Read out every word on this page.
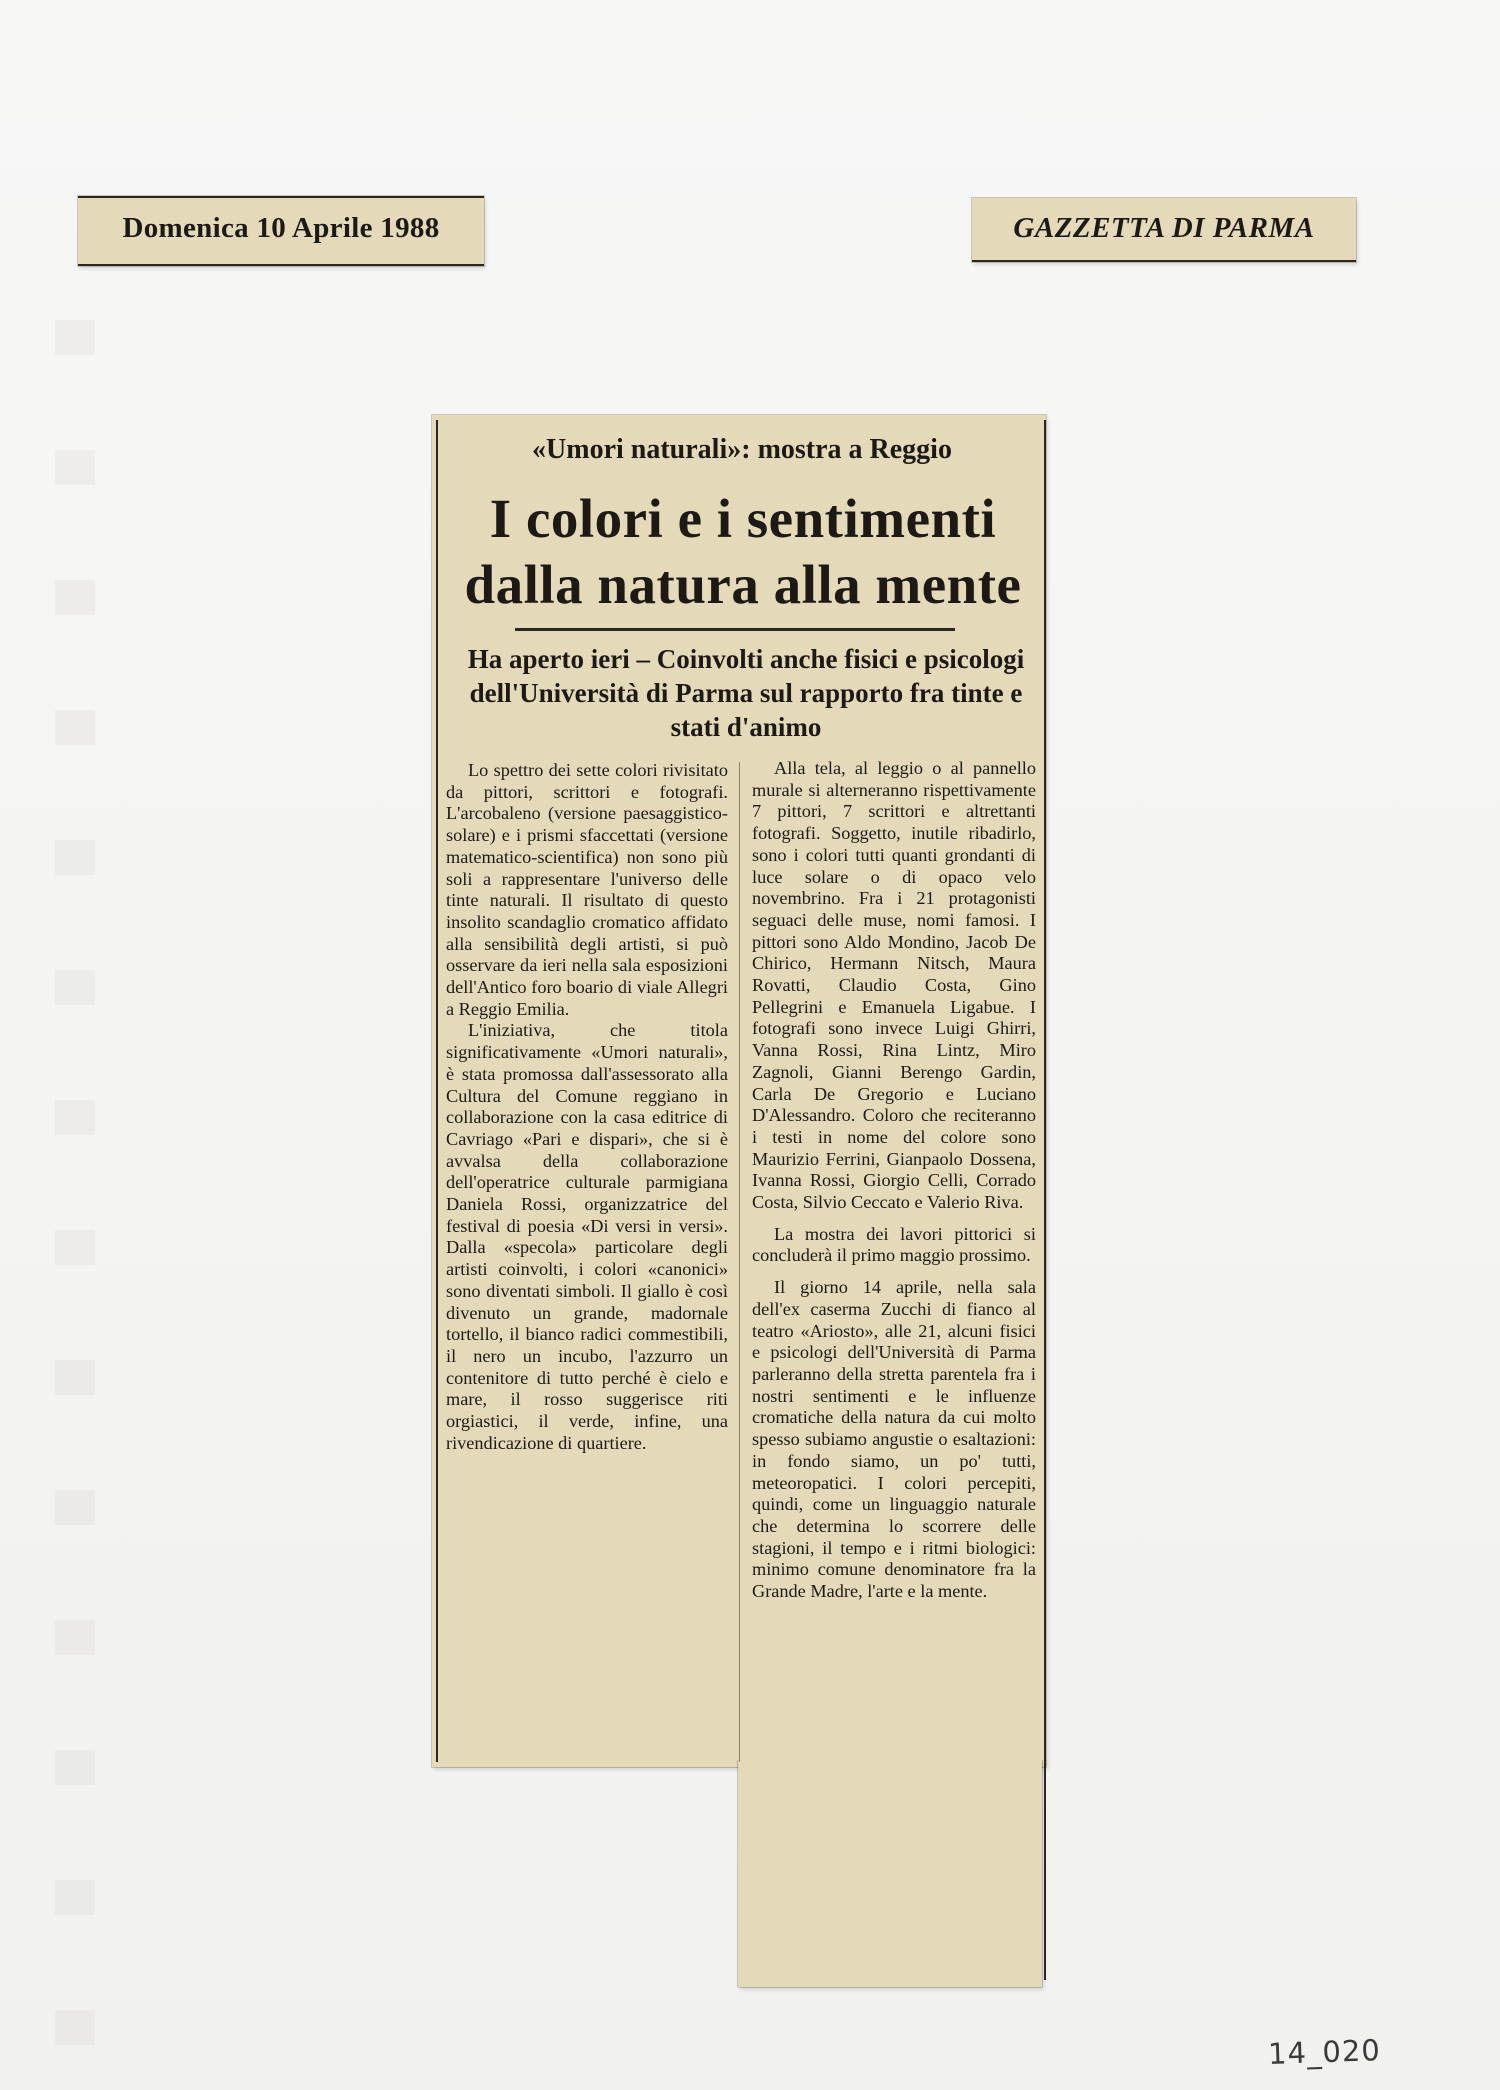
Domenica 10 Aprile 1988	GAZZETTA DI PARMA
«Umori naturali»: mostra a Reggio
I colori e i sentimenti
dalla natura alla mente
Ha aperto ieri – Coinvolti anche fisici e psicologi dell'Università di Parma sul rapporto fra tinte e stati d'animo

Lo spettro dei sette colori rivisitato da pittori, scrittori e fotografi. L'arcobaleno (versione paesaggistico-solare) e i prismi sfaccettati (versione matematico-scientifica) non sono più soli a rappresentare l'universo delle tinte naturali. Il risultato di questo insolito scandaglio cromatico affidato alla sensibilità degli artisti, si può osservare da ieri nella sala esposizioni dell'Antico foro boario di viale Allegri a Reggio Emilia.

L'iniziativa, che titola significativamente «Umori naturali», è stata promossa dall'assessorato alla Cultura del Comune reggiano in collaborazione con la casa editrice di Cavriago «Pari e dispari», che si è avvalsa della collaborazione dell'operatrice culturale parmigiana Daniela Rossi, organizzatrice del festival di poesia «Di versi in versi». Dalla «specola» particolare degli artisti coinvolti, i colori «canonici» sono diventati simboli. Il giallo è così divenuto un grande, madornale tortello, il bianco radici commestibili, il nero un incubo, l'azzurro un contenitore di tutto perché è cielo e mare, il rosso suggerisce riti orgiastici, il verde, infine, una rivendicazione di quartiere.

Alla tela, al leggio o al pannello murale si alterneranno rispettivamente 7 pittori, 7 scrittori e altrettanti fotografi. Soggetto, inutile ribadirlo, sono i colori tutti quanti grondanti di luce solare o di opaco velo novembrino. Fra i 21 protagonisti seguaci delle muse, nomi famosi. I pittori sono Aldo Mondino, Jacob De Chirico, Hermann Nitsch, Maura Rovatti, Claudio Costa, Gino Pellegrini e Emanuela Ligabue. I fotografi sono invece Luigi Ghirri, Vanna Rossi, Rina Lintz, Miro Zagnoli, Gianni Berengo Gardin, Carla De Gregorio e Luciano D'Alessandro. Coloro che reciteranno i testi in nome del colore sono Maurizio Ferrini, Gianpaolo Dossena, Ivanna Rossi, Giorgio Celli, Corrado Costa, Silvio Ceccato e Valerio Riva.

La mostra dei lavori pittorici si concluderà il primo maggio prossimo.

Il giorno 14 aprile, nella sala dell'ex caserma Zucchi di fianco al teatro «Ariosto», alle 21, alcuni fisici e psicologi dell'Università di Parma parleranno della stretta parentela fra i nostri sentimenti e le influenze cromatiche della natura da cui molto spesso subiamo angustie o esaltazioni: in fondo siamo, un po' tutti, meteoropatici. I colori percepiti, quindi, come un linguaggio naturale che determina lo scorrere delle stagioni, il tempo e i ritmi biologici: minimo comune denominatore fra la Grande Madre, l'arte e la mente.

14_020
